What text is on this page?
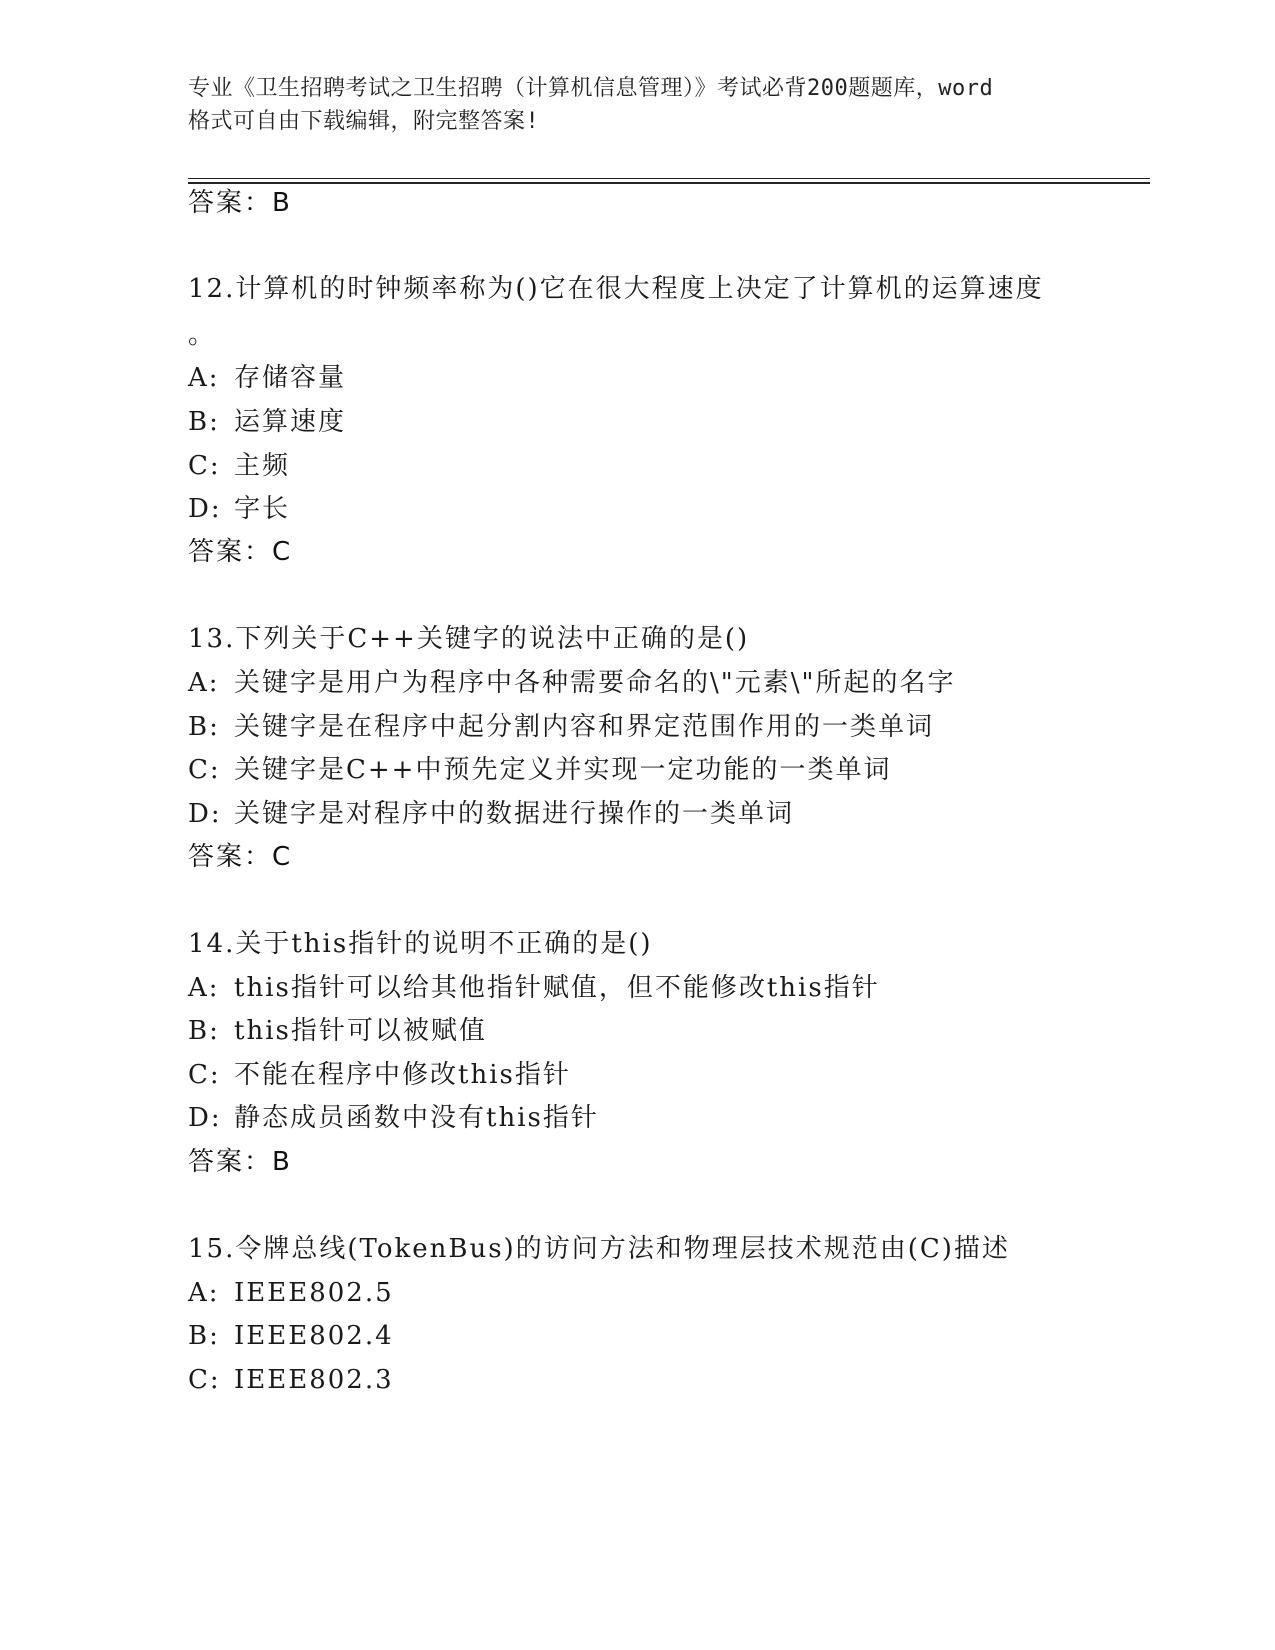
专业《卫生招聘考试之卫生招聘（计算机信息管理）》考试必背200题题库，word
格式可自由下载编辑，附完整答案!
答案：B
12.计算机的时钟频率称为()它在很大程度上决定了计算机的运算速度
。
A: 存储容量
B: 运算速度
C: 主频
D: 字长
答案：C
13.下列关于C++关键字的说法中正确的是()
A: 关键字是用户为程序中各种需要命名的\"元素\"所起的名字
B: 关键字是在程序中起分割内容和界定范围作用的一类单词
C: 关键字是C++中预先定义并实现一定功能的一类单词
D: 关键字是对程序中的数据进行操作的一类单词
答案：C
14.关于this指针的说明不正确的是()
A: this指针可以给其他指针赋值，但不能修改this指针
B: this指针可以被赋值
C: 不能在程序中修改this指针
D: 静态成员函数中没有this指针
答案：B
15.令牌总线(TokenBus)的访问方法和物理层技术规范由(C)描述
A: IEEE802.5
B: IEEE802.4
C: IEEE802.3
